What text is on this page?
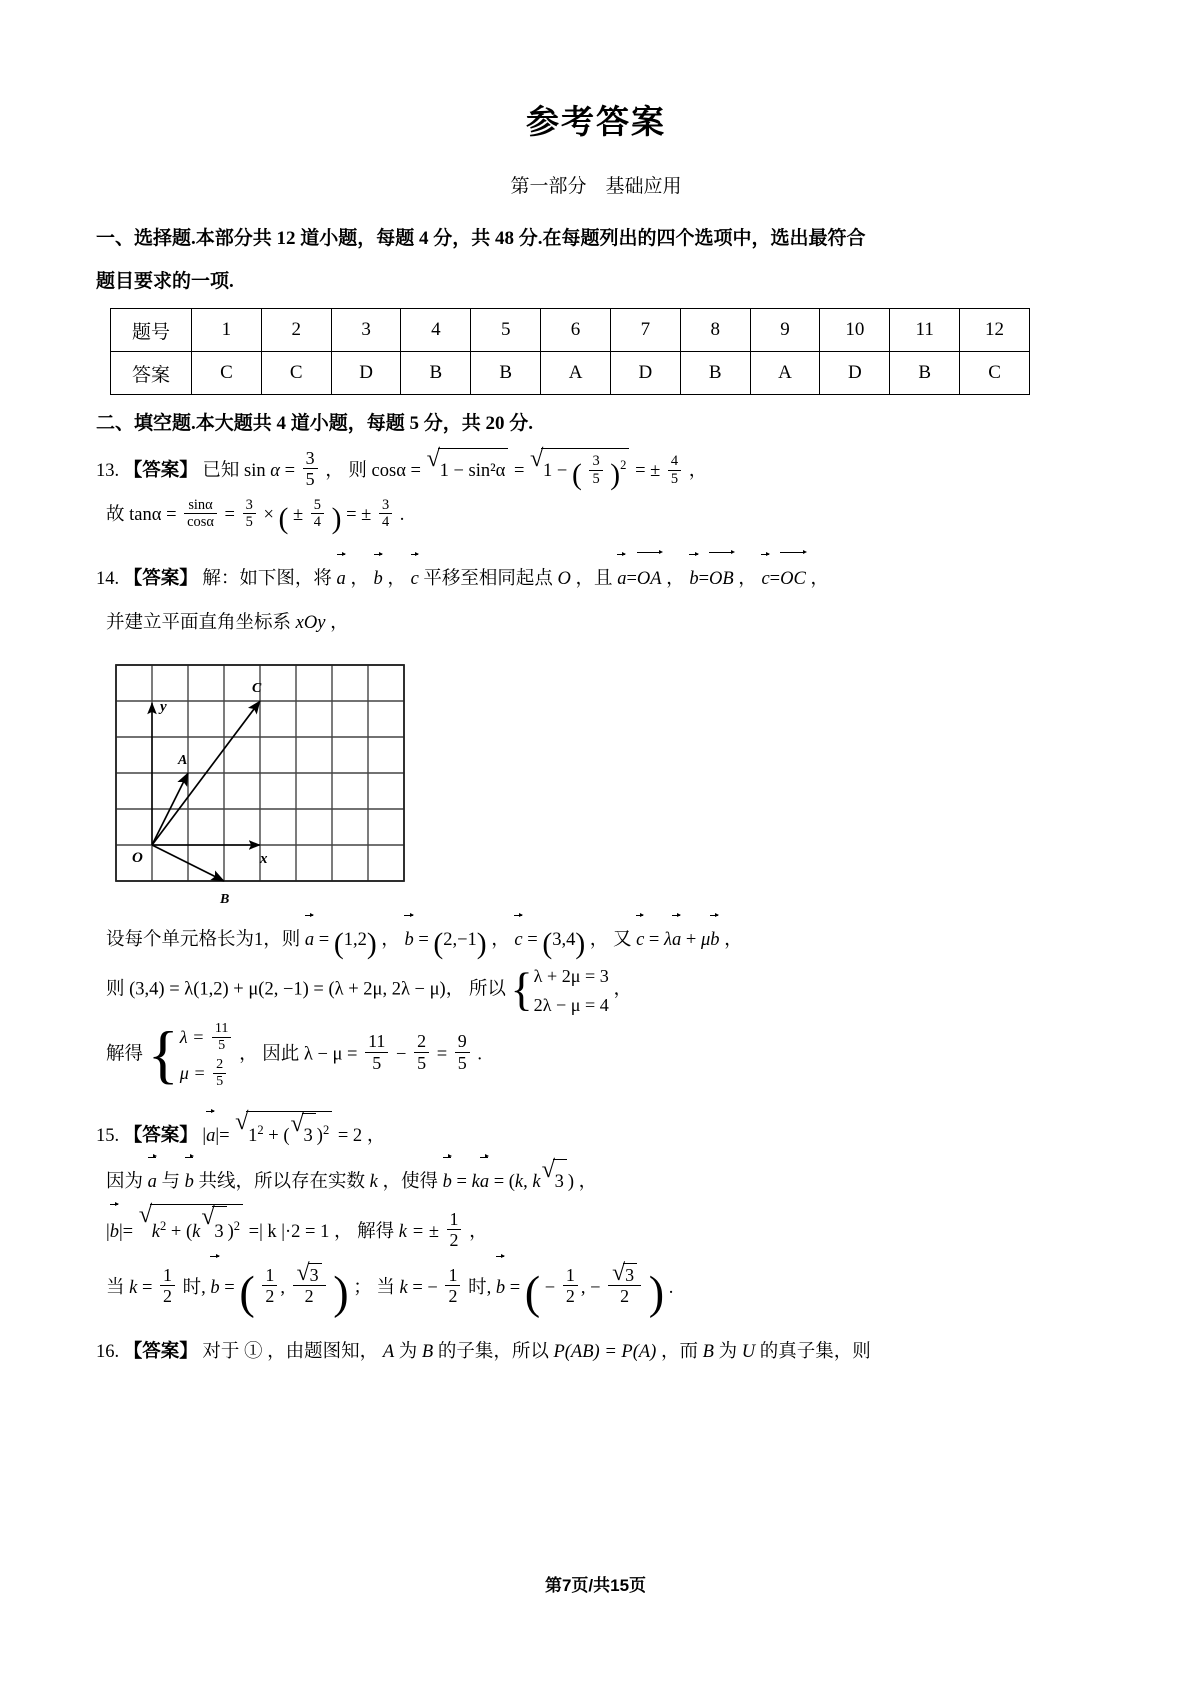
参考答案
第一部分　基础应用
一、选择题.本部分共 12 道小题，每题 4 分，共 48 分.在每题列出的四个选项中，选出最符合
题目要求的一项.
题号	1	2	3	4	5	6	7	8	9	10	11	12
答案	C	C	D	B	B	A	D	B	A	D	B	C
二、填空题.本大题共 4 道小题，每题 5 分，共 20 分.
13. 【答案】 已知 $\sin \alpha = \frac{3}{5}$ ， 则 cosα = √ 1 − sin²α = √ 1 − ( $\frac{3}{5} )^2$ = ± $\frac{4}{5}$ ，
故 $\tan\alpha = \frac{\sin\alpha}{\cos\alpha} = \frac{3}{5}$ × ( ± $\frac{5}{4}$ ) = ± $\frac{3}{4}$ .
14. 【答案】 解：如下图，将 a ， b ， c 平移至相同起点 O ，且 a=OA ， b=OB ， c=OC ，
并建立平面直角坐标系 xOy ，
y
x
O
A
B
C
设每个单元格长为1，则 a = (1,2) ， b = (2,−1) ， c = (3,4) ， 又 c = λa + μb ，
则 (3,4) = λ(1,2) + μ(2, −1) = (λ + 2μ, 2λ − μ)， 所以 { λ + 2μ = 3
2λ − μ = 4
，
解得 { $\lambda = \frac{11}{5}$
$\mu = \frac{2}{5}$
， 因此 $\lambda - \mu = \frac{11}{5} - \frac{2}{5} = \frac{9}{5}$ .
15. 【答案】 |a|=
√
$1^2$ + ( √ 3 )$^2$ = 2 ，
因为 a 与 b 共线，所以存在实数 k ，使得 b = ka = (k, k √ 3 ) ，
|b|=
√
$k^2 + (k$
√
3 )$^2$ =| k |·2 = 1 ， 解得 k = ± $\frac{1}{2}$ ，
当 $k = \frac{1}{2}$ 时, b = ( $\frac{1}{2}$ , $\frac{√ 3}{2}$ ) ； 当 k = − $\frac{1}{2}$ 时, b = ( − $\frac{1}{2}$ , − $\frac{√ 3}{2}$ ) .
16. 【答案】 对于 ① ，由题图知， A 为 B 的子集，所以 P(AB) = P(A) ，而 B 为 U 的真子集，则
第7页/共15页
